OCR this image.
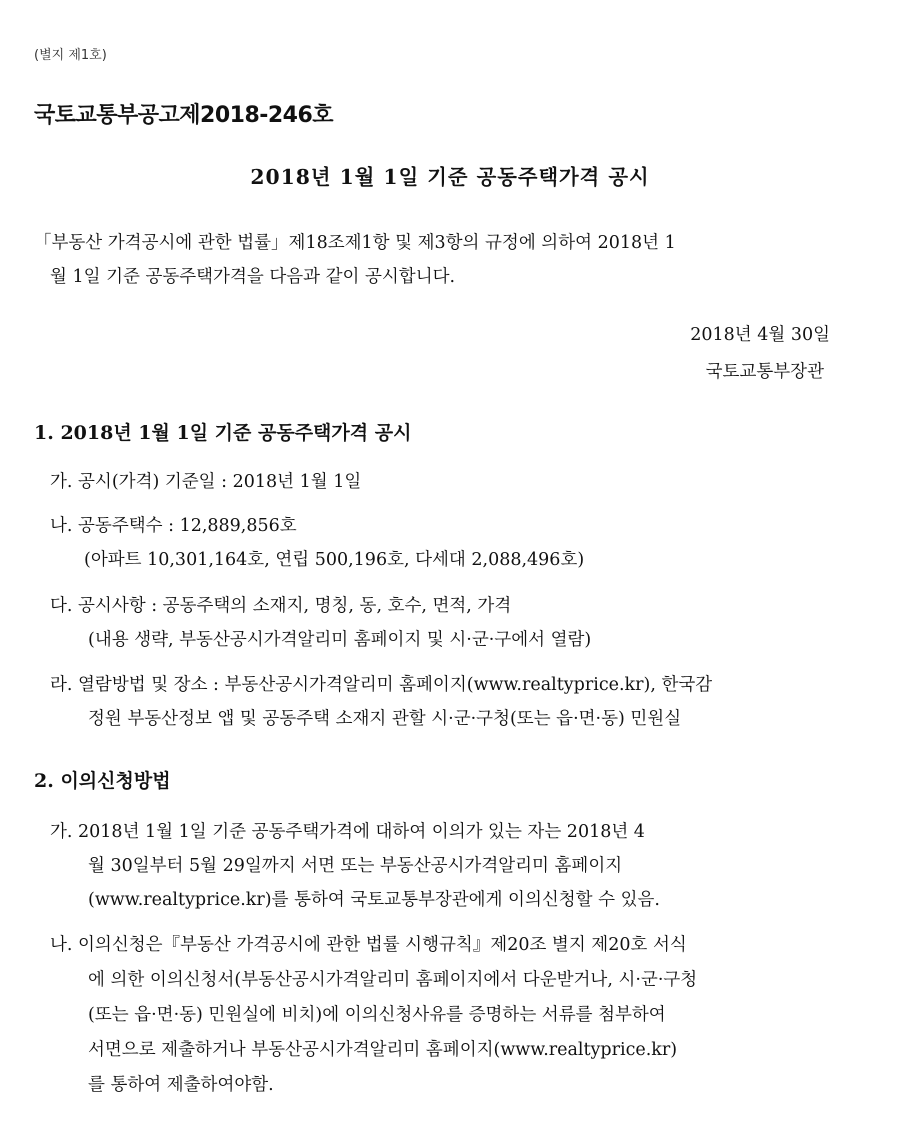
(별지 제1호)
국토교통부공고제2018-246호
2018년 1월 1일 기준 공동주택가격 공시
「부동산 가격공시에 관한 법률」제18조제1항 및 제3항의 규정에 의하여 2018년 1
월 1일 기준 공동주택가격을 다음과 같이 공시합니다.
2018년 4월 30일
국토교통부장관
1. 2018년 1월 1일 기준 공동주택가격 공시
가. 공시(가격) 기준일 : 2018년 1월 1일
나. 공동주택수 : 12,889,856호
(아파트 10,301,164호, 연립 500,196호, 다세대 2,088,496호)
다. 공시사항 : 공동주택의 소재지, 명칭, 동, 호수, 면적, 가격
(내용 생략, 부동산공시가격알리미 홈페이지 및 시·군·구에서 열람)
라. 열람방법 및 장소 : 부동산공시가격알리미 홈페이지(www.realtyprice.kr), 한국감
정원 부동산정보 앱 및 공동주택 소재지 관할 시·군·구청(또는 읍·면·동) 민원실
2. 이의신청방법
가. 2018년 1월 1일 기준 공동주택가격에 대하여 이의가 있는 자는 2018년 4
월 30일부터 5월 29일까지 서면 또는 부동산공시가격알리미 홈페이지
(www.realtyprice.kr)를 통하여 국토교통부장관에게 이의신청할 수 있음.
나. 이의신청은『부동산 가격공시에 관한 법률 시행규칙』제20조 별지 제20호 서식
에 의한 이의신청서(부동산공시가격알리미 홈페이지에서 다운받거나, 시·군·구청
(또는 읍·면·동) 민원실에 비치)에 이의신청사유를 증명하는 서류를 첨부하여
서면으로 제출하거나 부동산공시가격알리미 홈페이지(www.realtyprice.kr)
를 통하여 제출하여야함.
